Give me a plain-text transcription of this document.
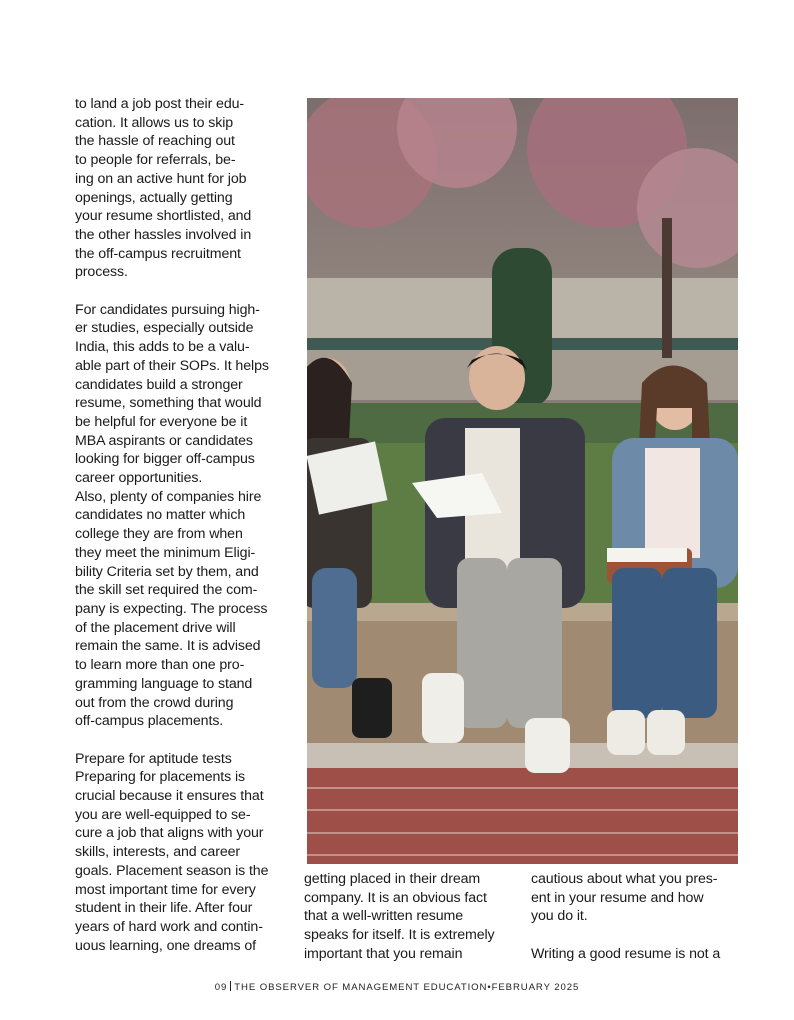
to land a job post their edu-
cation. It allows us to skip
the hassle of reaching out
to people for referrals, be-
ing on an active hunt for job
openings, actually getting
your resume shortlisted, and
the other hassles involved in
the off-campus recruitment
process.

For candidates pursuing high-
er studies, especially outside
India, this adds to be a valu-
able part of their SOPs. It helps
candidates build a stronger
resume, something that would
be helpful for everyone be it
MBA aspirants or candidates
looking for bigger off-campus
career opportunities.
Also, plenty of companies hire
candidates no matter which
college they are from when
they meet the minimum Eligi-
bility Criteria set by them, and
the skill set required the com-
pany is expecting. The process
of the placement drive will
remain the same. It is advised
to learn more than one pro-
gramming language to stand
out from the crowd during
off-campus placements.

Prepare for aptitude tests
Preparing for placements is
crucial because it ensures that
you are well-equipped to se-
cure a job that aligns with your
skills, interests, and career
goals. Placement season is the
most important time for every
student in their life. After four
years of hard work and contin-
uous learning, one dreams of
getting placed in their dream
company. It is an obvious fact
that a well-written resume
speaks for itself. It is extremely
important that you remain
cautious about what you pres-
ent in your resume and how
you do it.

Writing a good resume is not a
09 THE OBSERVER OF MANAGEMENT EDUCATION•FEBRUARY 2025
